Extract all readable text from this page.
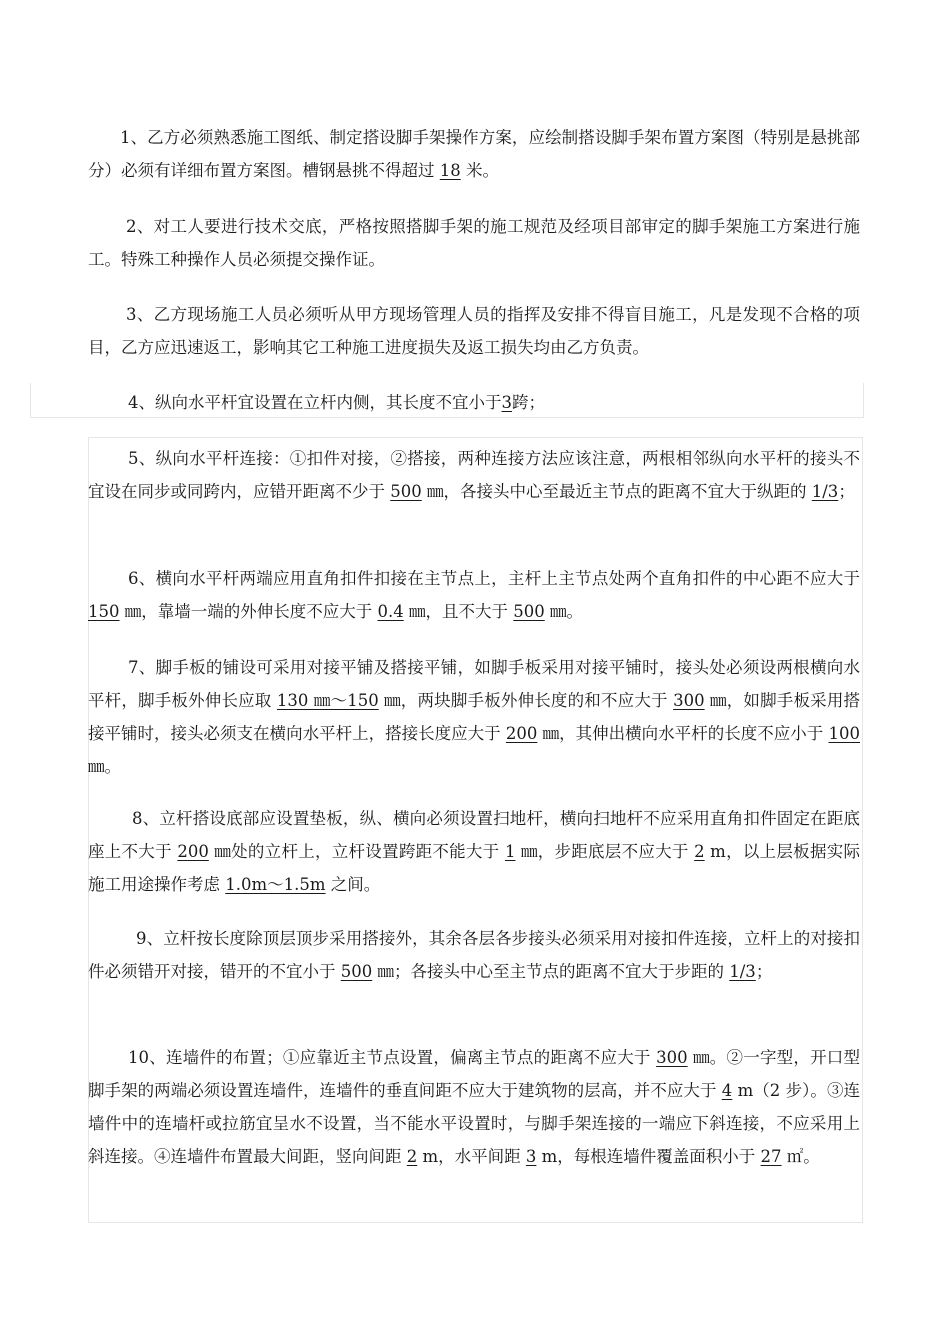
1、乙方必须熟悉施工图纸、制定搭设脚手架操作方案，应绘制搭设脚手架布置方案图（特别是悬挑部分）必须有详细布置方案图。槽钢悬挑不得超过 18 米。
2、对工人要进行技术交底，严格按照搭脚手架的施工规范及经项目部审定的脚手架施工方案进行施工。特殊工种操作人员必须提交操作证。
3、乙方现场施工人员必须听从甲方现场管理人员的指挥及安排不得盲目施工，凡是发现不合格的项目，乙方应迅速返工，影响其它工种施工进度损失及返工损失均由乙方负责。
4、纵向水平杆宜设置在立杆内侧，其长度不宜小于3跨；
5、纵向水平杆连接：①扣件对接，②搭接，两种连接方法应该注意，两根相邻纵向水平杆的接头不宜设在同步或同跨内，应错开距离不少于 500 ㎜，各接头中心至最近主节点的距离不宜大于纵距的 1/3；
6、横向水平杆两端应用直角扣件扣接在主节点上，主杆上主节点处两个直角扣件的中心距不应大于 150 ㎜，靠墙一端的外伸长度不应大于 0.4 ㎜，且不大于 500 ㎜。
7、脚手板的铺设可采用对接平铺及搭接平铺，如脚手板采用对接平铺时，接头处必须设两根横向水平杆，脚手板外伸长应取 130 ㎜～150 ㎜，两块脚手板外伸长度的和不应大于 300 ㎜，如脚手板采用搭接平铺时，接头必须支在横向水平杆上，搭接长度应大于 200 ㎜，其伸出横向水平杆的长度不应小于 100 ㎜。
8、立杆搭设底部应设置垫板，纵、横向必须设置扫地杆，横向扫地杆不应采用直角扣件固定在距底座上不大于 200 ㎜处的立杆上，立杆设置跨距不能大于 1 ㎜，步距底层不应大于 2 m，以上层板据实际施工用途操作考虑 1.0m～1.5m 之间。
9、立杆按长度除顶层顶步采用搭接外，其余各层各步接头必须采用对接扣件连接，立杆上的对接扣件必须错开对接，错开的不宜小于 500 ㎜；各接头中心至主节点的距离不宜大于步距的 1/3；
10、连墙件的布置；①应靠近主节点设置，偏离主节点的距离不应大于 300 ㎜。②一字型，开口型脚手架的两端必须设置连墙件，连墙件的垂直间距不应大于建筑物的层高，并不应大于 4 m（2 步）。③连墙件中的连墙杆或拉筋宜呈水不设置，当不能水平设置时，与脚手架连接的一端应下斜连接，不应采用上斜连接。④连墙件布置最大间距，竖向间距 2 m，水平间距 3 m，每根连墙件覆盖面积小于 27 ㎡。
